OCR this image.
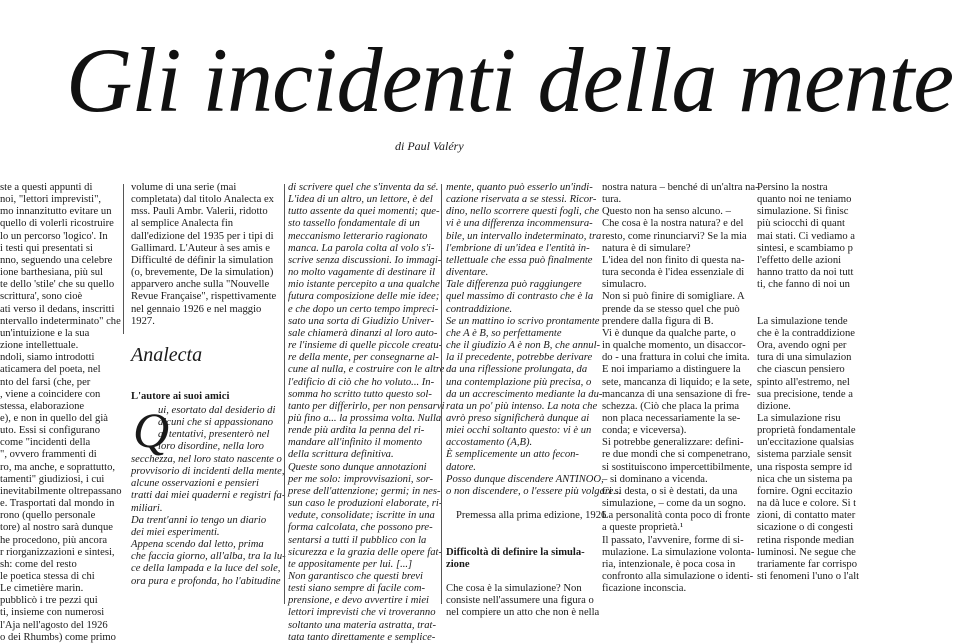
Gli incidenti della mente
di Paul Valéry
ste a questi appunti di
noi, "lettori imprevisti",
mo innanzitutto evitare un
quello di volerli ricostruire
lo un percorso 'logico'. In
i testi qui presentati si
nno, seguendo una celebre
ione barthesiana, più sul
te dello 'stile' che su quello
scrittura', sono cioè
ati verso il dedans, inscritti
ntervallo indeterminato" che
un'intuizione e la sua
zione intellettuale.
ndoli, siamo introdotti
aticamera del poeta, nel
nto del farsi (che, per
, viene a coincidere con
stessa, elaborazione
e), e non in quello del già
uto. Essi si configurano
come "incidenti della
", ovvero frammenti di
ro, ma anche, e soprattutto,
tamenti" giudiziosi, i cui
inevitabilmente oltrepassano
e. Trasportati dal mondo in
rono (quello personale
tore) al nostro sarà dunque
he procedono, più ancora
r riorganizzazioni e sintesi,
sh: come del resto
le poetica stessa di chi
Le cimetière marin.
pubblicò i tre pezzi qui
ti, insieme con numerosi
l'Aja nell'agosto del 1926
o dei Rhumbs) come primo
volume di una serie (mai
completata) dal titolo Analecta ex
mss. Pauli Ambr. Valerii, ridotto
al semplice Analecta fin
dall'edizione del 1935 per i tipi di
Gallimard. L'Auteur à ses amis e
Difficulté de définir la simulation
(o, brevemente, De la simulation)
apparvero anche sulla "Nouvelle
Revue Française", rispettivamente
nel gennaio 1926 e nel maggio
1927.
Analecta
L'autore ai suoi amici
Q
ui, esortato dal desiderio di
alcuni che si appassionano
ai tentativi, presenterò nel
loro disordine, nella loro
secchezza, nel loro stato nascente o
provvisorio di incidenti della mente,
alcune osservazioni e pensieri
tratti dai miei quaderni e registri fa-
miliari.
Da trent'anni io tengo un diario
dei miei esperimenti.
Appena scendo dal letto, prima
che faccia giorno, all'alba, tra la lu-
ce della lampada e la luce del sole,
ora pura e profonda, ho l'abitudine
di scrivere quel che s'inventa da sé.
L'idea di un altro, un lettore, è del
tutto assente da quei momenti; que-
sto tassello fondamentale di un
meccanismo letterario ragionato
manca. La parola colta al volo s'i-
scrive senza discussioni. Io immagi-
no molto vagamente di destinare il
mio istante percepito a una qualche
futura composizione delle mie idee;
e che dopo un certo tempo impreci-
sato una sorta di Giudizio Univer-
sale chiamerà dinanzi al loro auto-
re l'insieme di quelle piccole creatu-
re della mente, per consegnarne al-
cune al nulla, e costruire con le altre
l'edificio di ciò che ho voluto... In-
somma ho scritto tutto questo sol-
tanto per differirlo, per non pensarvi
più fino a... la prossima volta. Nulla
rende più ardita la penna del ri-
mandare all'infinito il momento
della scrittura definitiva.
Queste sono dunque annotazioni
per me solo: improvvisazioni, sor-
prese dell'attenzione; germi; in nes-
sun caso le produzioni elaborate, ri-
vedute, consolidate; iscritte in una
forma calcolata, che possono pre-
sentarsi a tutti il pubblico con la
sicurezza e la grazia delle opere fat-
te appositamente per lui. [...]
Non garantisco che questi brevi
testi siano sempre di facile com-
prensione, e devo avvertire i miei
lettori imprevisti che vi troveranno
soltanto una materia astratta, trat-
tata tanto direttamente e semplice-
mente, quanto può esserlo un'indi-
cazione riservata a se stessi. Ricor-
dino, nello scorrere questi fogli, che
vi è una differenza incommensura-
bile, un intervallo indeterminato, tra
l'embrione di un'idea e l'entità in-
tellettuale che essa può finalmente
diventare.
Tale differenza può raggiungere
quel massimo di contrasto che è la
contraddizione.
Se un mattino io scrivo prontamente
che A è B, so perfettamente
che il giudizio A è non B, che annul-
la il precedente, potrebbe derivare
da una riflessione prolungata, da
una contemplazione più precisa, o
da un accrescimento mediante la du-
rata un po' più intenso. La nota che
avrò preso significherà dunque ai
miei occhi soltanto questo: vi è un
accostamento (A,B).
È semplicemente un atto fecon-
datore.
Posso dunque discendere ANTINOO,
o non discendere, o l'essere più volgare...

Premessa alla prima edizione, 1926

Difficoltà di definire la simula-
zione

Che cosa è la simulazione? Non
consiste nell'assumere una figura o
nel compiere un atto che non è nella
nostra natura – benché di un'altra na-
tura.
Questo non ha senso alcuno. –
Che cosa è la nostra natura? e del
resto, come rinunciarvi? Se la mia
natura è di simulare?
L'idea del non finito di questa na-
tura seconda è l'idea essenziale di
simulacro.
Non si può finire di somigliare. A
prende da se stesso quel che può
prendere dalla figura di B.
Vi è dunque da qualche parte, o
in qualche momento, un disaccor-
do - una frattura in colui che imita.
E noi impariamo a distinguere la
sete, mancanza di liquido; e la sete,
mancanza di una sensazione di fre-
schezza. (Ciò che placa la prima
non placa necessariamente la se-
conda; e viceversa).
Si potrebbe generalizzare: defini-
re due mondi che si compenetrano,
si sostituiscono impercettibilmente,
– si dominano a vicenda.
Ci si desta, o si è destati, da una
simulazione, – come da un sogno.
La personalità conta poco di fronte
a queste proprietà.¹
Il passato, l'avvenire, forme di si-
mulazione. La simulazione volonta-
ria, intenzionale, è poca cosa in
confronto alla simulazione o identi-
ficazione inconscia.
Persino la nostra
quanto noi ne teniamo
simulazione. Si finisc
più sciocchi di quant
mai stati. Ci vediamo a
sintesi, e scambiamo p
l'effetto delle azioni
hanno tratto da noi tutt
ti, che fanno di noi un

La simulazione tende
che è la contraddizione
Ora, avendo ogni per
tura di una simulazion
che ciascun pensiero
spinto all'estremo, nel
sua precisione, tende a
dizione.
La simulazione risu
proprietà fondamentale
un'eccitazione qualsias
sistema parziale sensit
una risposta sempre id
nica che un sistema pa
fornire. Ogni eccitazio
na dà luce e colore. Si t
zioni, di contatto mater
sicazione o di congesti
retina risponde median
luminosi. Ne segue che
trariamente far corrispo
sti fenomeni l'uno o l'alt
